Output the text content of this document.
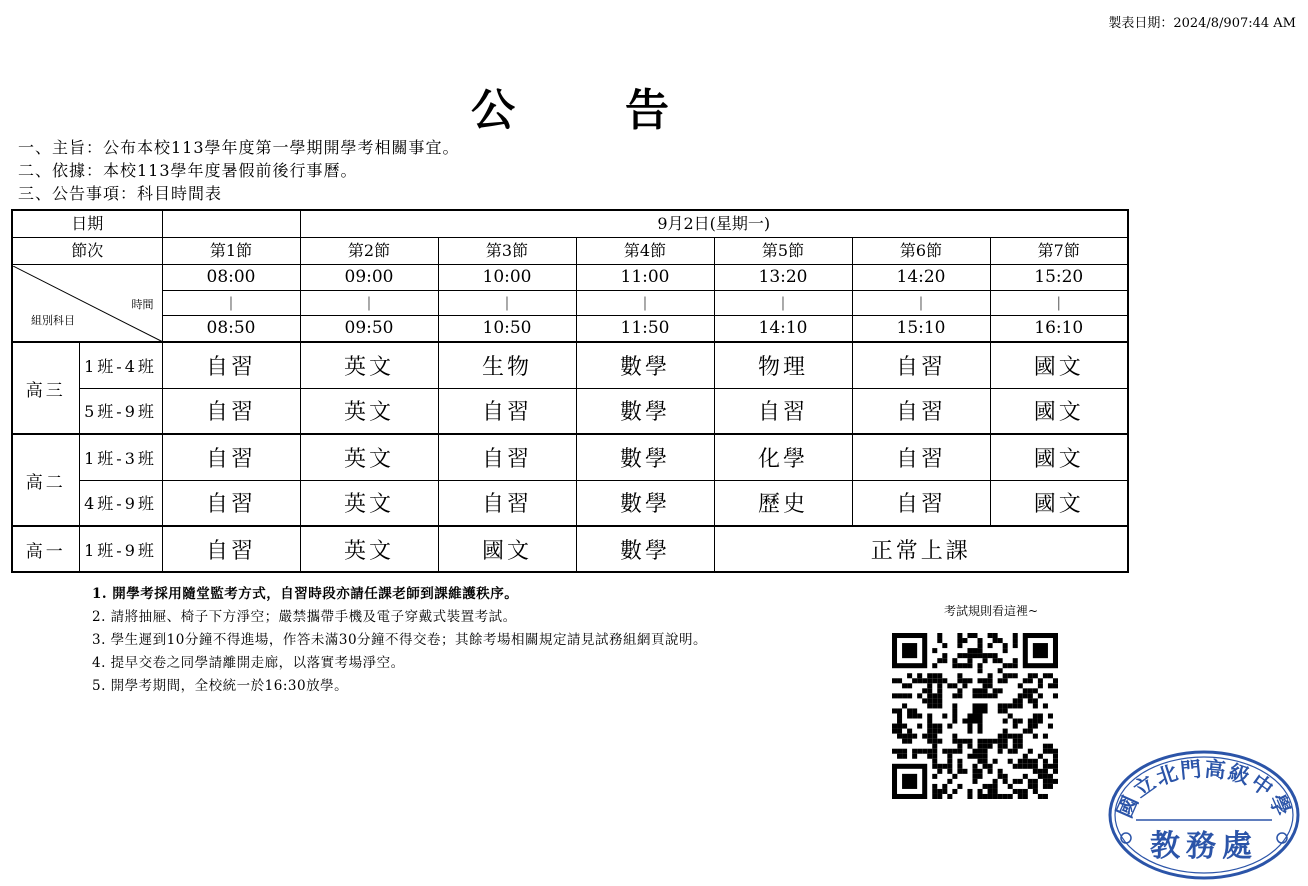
製表日期：2024/8/907:44 AM
公告
一、主旨：公布本校113學年度第一學期開學考相關事宜。
二、依據：本校113學年度暑假前後行事曆。
三、公告事項：科目時間表
日期			9月2日(星期一)					
節次		第1節	第2節	第3節	第4節	第5節	第6節	第7節

時間
組別科目		08:00	09:00	10:00	11:00	13:20	14:20	15:20
		|	|	|	|	|	|	|
		08:50	09:50	10:50	11:50	14:10	15:10	16:10
高三	1班-4班	自習	英文	生物	數學	物理	自習	國文
	5班-9班	自習	英文	自習	數學	自習	自習	國文
高二	1班-3班	自習	英文	自習	數學	化學	自習	國文
	4班-9班	自習	英文	自習	數學	歷史	自習	國文
高一	1班-9班	自習	英文	國文	數學	正常上課		
1. 開學考採用隨堂監考方式，自習時段亦請任課老師到課維護秩序。
2. 請將抽屜、椅子下方淨空；嚴禁攜帶手機及電子穿戴式裝置考試。
3. 學生遲到10分鐘不得進場，作答未滿30分鐘不得交卷；其餘考場相關規定請見試務組網頁說明。
4. 提早交卷之同學請離開走廊，以落實考場淨空。
5. 開學考期間，全校統一於16:30放學。
考試規則看這裡~
國立北門高級中學
教務處
